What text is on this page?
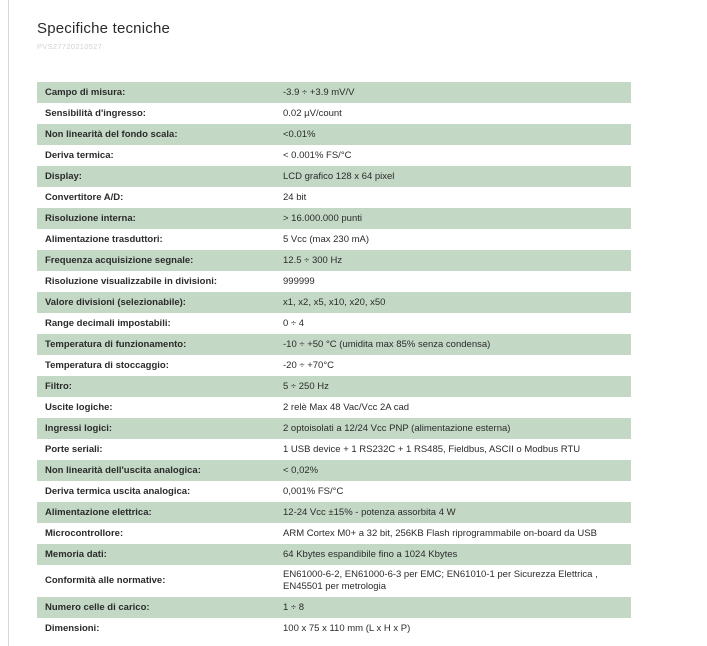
Specifiche tecniche
PVS27720210527
Campo di misura:	-3.9 ÷ +3.9 mV/V
Sensibilità d'ingresso:	0.02 µV/count
Non linearità del fondo scala:	<0.01%
Deriva termica:	< 0.001% FS/°C
Display:	LCD grafico 128 x 64 pixel
Convertitore A/D:	24 bit
Risoluzione interna:	> 16.000.000 punti
Alimentazione trasduttori:	5 Vcc (max 230 mA)
Frequenza acquisizione segnale:	12.5 ÷ 300 Hz
Risoluzione visualizzabile in divisioni:	999999
Valore divisioni (selezionabile):	x1, x2, x5, x10, x20, x50
Range decimali impostabili:	0 ÷ 4
Temperatura di funzionamento:	-10 ÷ +50 °C (umidita max 85% senza condensa)
Temperatura di stoccaggio:	-20 ÷ +70°C
Filtro:	5 ÷ 250 Hz
Uscite logiche:	2 relè Max 48 Vac/Vcc 2A cad
Ingressi logici:	2 optoisolati a 12/24 Vcc PNP (alimentazione esterna)
Porte seriali:	1 USB device + 1 RS232C + 1 RS485, Fieldbus, ASCII o Modbus RTU
Non linearità dell'uscita analogica:	< 0,02%
Deriva termica uscita analogica:	0,001% FS/°C
Alimentazione elettrica:	12-24 Vcc ±15% - potenza assorbita 4 W
Microcontrollore:	ARM Cortex M0+ a 32 bit, 256KB Flash riprogrammabile on-board da USB
Memoria dati:	64 Kbytes espandibile fino a 1024 Kbytes
Conformità alle normative:
EN61000-6-2, EN61000-6-3 per EMC; EN61010-1 per Sicurezza Elettrica , EN45501 per metrologia
Numero celle di carico:	1 ÷ 8
Dimensioni:	100 x 75 x 110 mm (L x H x P)
